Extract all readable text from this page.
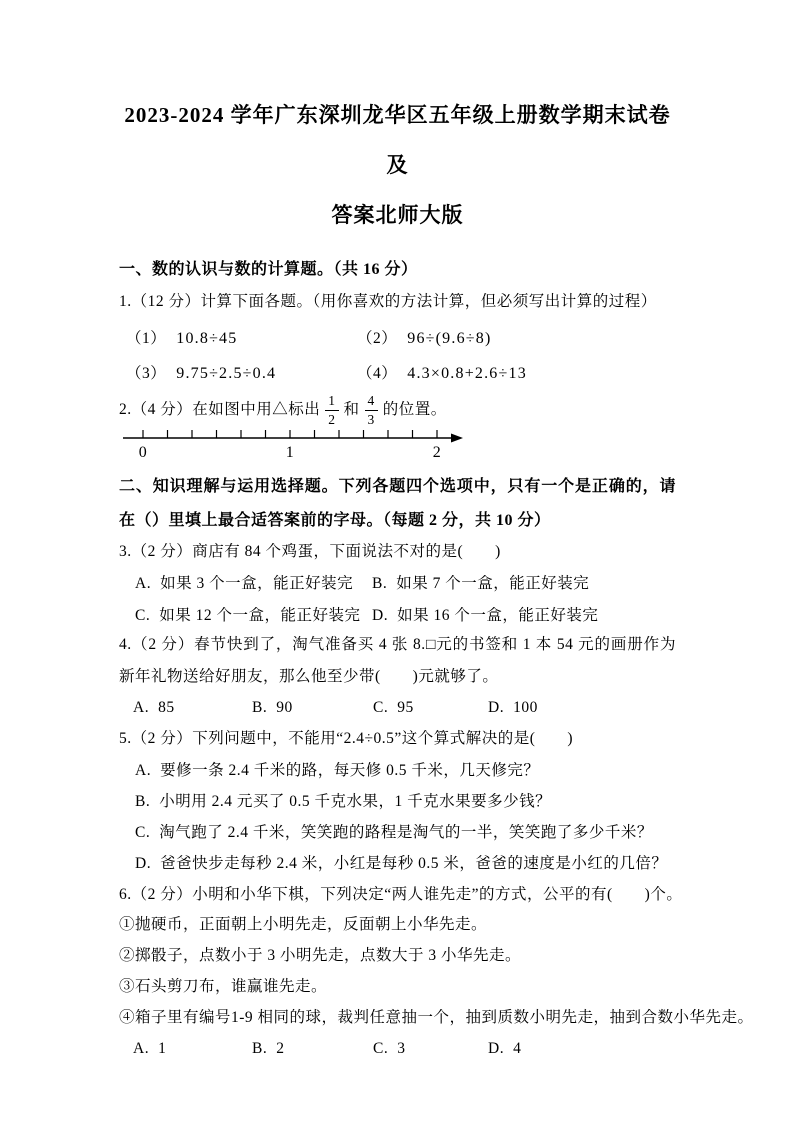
2023-2024 学年广东深圳龙华区五年级上册数学期末试卷及
答案北师大版
一、数的认识与数的计算题。（共 16 分）
1.（12 分）计算下面各题。（用你喜欢的方法计算，但必须写出计算的过程）
（1） 10.8÷45	（2） 96÷(9.6÷8)
（3） 9.75÷2.5÷0.4	（4） 4.3×0.8+2.6÷13
2.（4 分）在如图中用△标出 $\frac{1}{2}$ 和 $\frac{4}{3}$ 的位置。
0	1	2
二、知识理解与运用选择题。下列各题四个选项中，只有一个是正确的，请在（）里填上最合适答案前的字母。（每题 2 分，共 10 分）
3.（2 分）商店有 84 个鸡蛋，下面说法不对的是(　　)
A. 如果 3 个一盒，能正好装完	B. 如果 7 个一盒，能正好装完
C. 如果 12 个一盒，能正好装完 D. 如果 16 个一盒，能正好装完
4.（2 分）春节快到了，淘气准备买 4 张 8.□元的书签和 1 本 54 元的画册作为新年礼物送给好朋友，那么他至少带(　　)元就够了。
A. 85	B. 90	C. 95	D. 100
5.（2 分）下列问题中，不能用“2.4÷0.5”这个算式解决的是(　　)
A. 要修一条 2.4 千米的路，每天修 0.5 千米，几天修完？
B. 小明用 2.4 元买了 0.5 千克水果，1 千克水果要多少钱？
C. 淘气跑了 2.4 千米，笑笑跑的路程是淘气的一半，笑笑跑了多少千米？
D. 爸爸快步走每秒 2.4 米，小红是每秒 0.5 米，爸爸的速度是小红的几倍？
6.（2 分）小明和小华下棋，下列决定“两人谁先走”的方式，公平的有(　　)个。
①抛硬币，正面朝上小明先走，反面朝上小华先走。
②掷骰子，点数小于 3 小明先走，点数大于 3 小华先走。
③石头剪刀布，谁赢谁先走。
④箱子里有编号1-9 相同的球，裁判任意抽一个，抽到质数小明先走，抽到合数小华先走。
A. 1	B. 2	C. 3	D. 4
